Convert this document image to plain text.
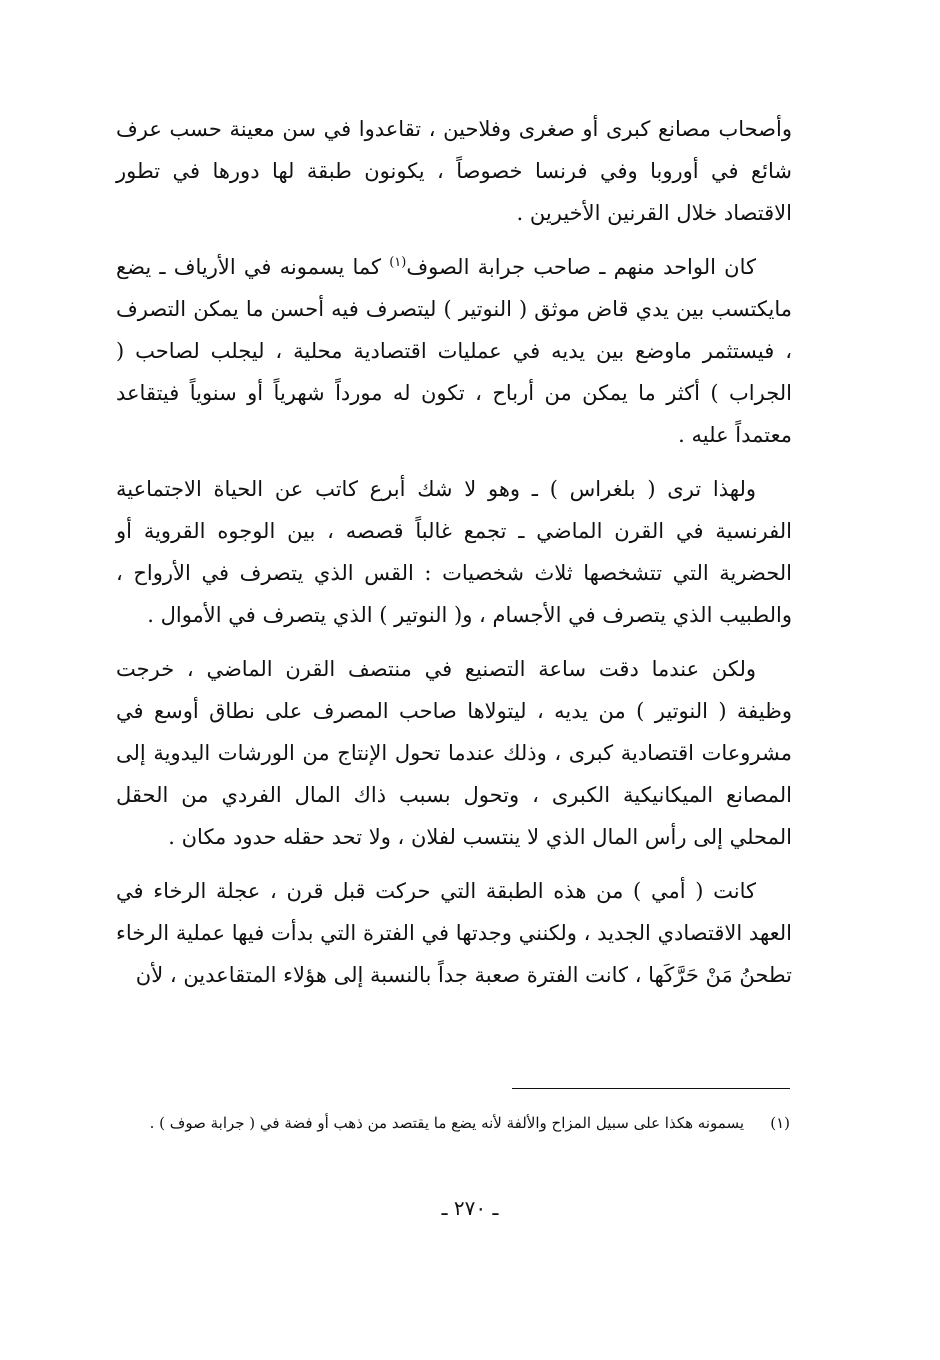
وأصحاب مصانع كبرى أو صغرى وفلاحين ، تقاعدوا في سن معينة حسب عرف شائع في أوروبا وفي فرنسا خصوصاً ، يكونون طبقة لها دورها في تطور الاقتصاد خلال القرنين الأخيرين .

كان الواحد منهم ـ صاحب جرابة الصوف$^{(١)}$ كما يسمونه في الأرياف ـ يضع مايكتسب بين يدي قاض موثق ( النوتير ) ليتصرف فيه أحسن ما يمكن التصرف ، فيستثمر ماوضع بين يديه في عمليات اقتصادية محلية ، ليجلب لصاحب ( الجراب ) أكثر ما يمكن من أرباح ، تكون له مورداً شهرياً أو سنوياً فيتقاعد معتمداً عليه .

ولهذا ترى ( بلغراس ) ـ وهو لا شك أبرع كاتب عن الحياة الاجتماعية الفرنسية في القرن الماضي ـ تجمع غالباً قصصه ، بين الوجوه القروية أو الحضرية التي تتشخصها ثلاث شخصيات : القس الذي يتصرف في الأرواح ، والطبيب الذي يتصرف في الأجسام ، و( النوتير ) الذي يتصرف في الأموال .

ولكن عندما دقت ساعة التصنيع في منتصف القرن الماضي ، خرجت وظيفة ( النوتير ) من يديه ، ليتولاها صاحب المصرف على نطاق أوسع في مشروعات اقتصادية كبرى ، وذلك عندما تحول الإنتاج من الورشات اليدوية إلى المصانع الميكانيكية الكبرى ، وتحول بسبب ذاك المال الفردي من الحقل المحلي إلى رأس المال الذي لا ينتسب لفلان ، ولا تحد حقله حدود مكان .

كانت ( أمي ) من هذه الطبقة التي حركت قبل قرن ، عجلة الرخاء في العهد الاقتصادي الجديد ، ولكنني وجدتها في الفترة التي بدأت فيها عملية الرخاء تطحنُ مَنْ حَرَّكَها ، كانت الفترة صعبة جداً بالنسبة إلى هؤلاء المتقاعدين ، لأن

(١)

يسمونه هكذا على سبيل المزاح والألفة لأنه يضع ما يقتصد من ذهب أو فضة في ( جرابة صوف ) .

ـ ٢٧٠ ـ
